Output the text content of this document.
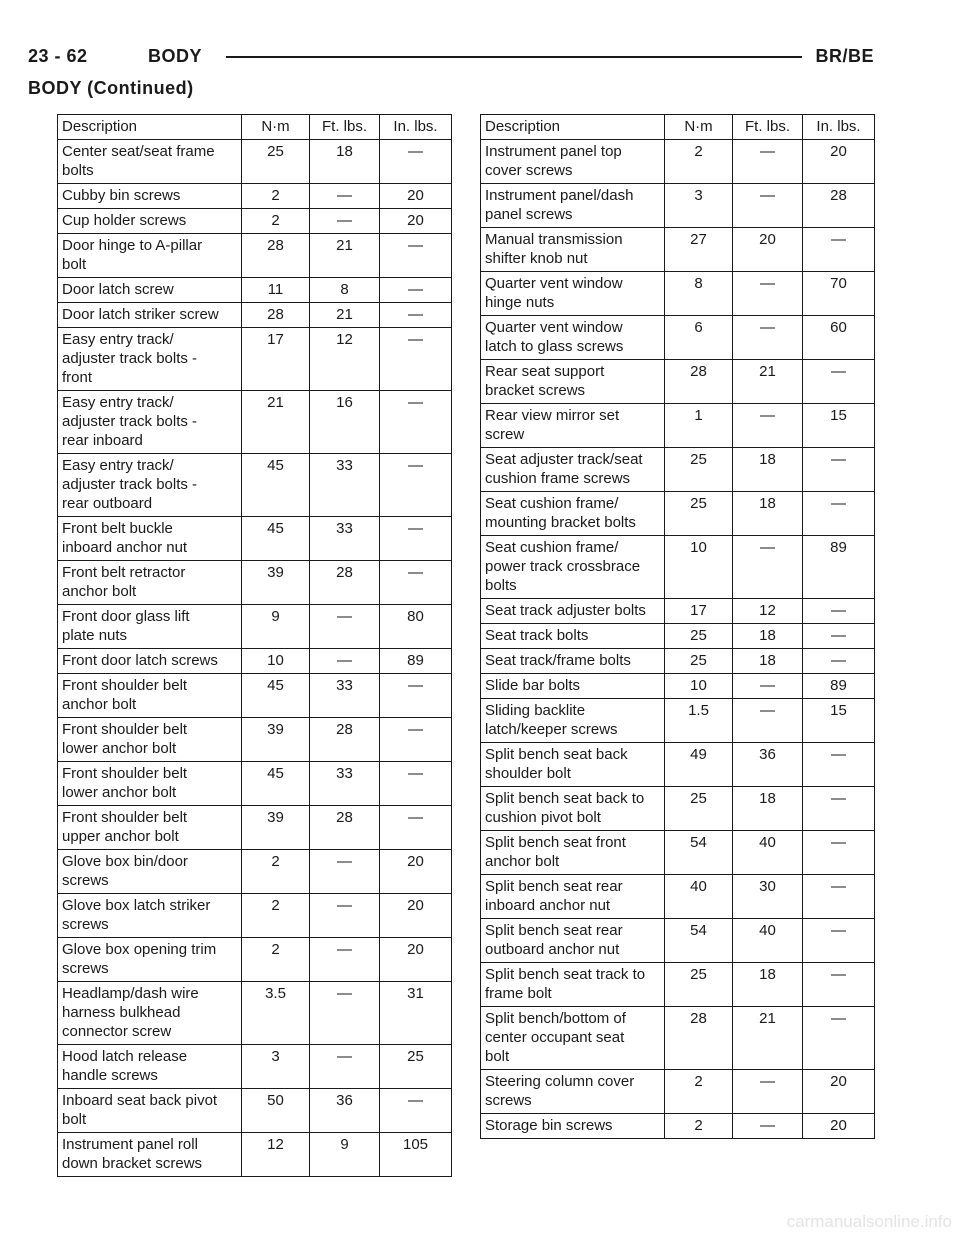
23 - 62	BODY	BR/BE
BODY (Continued)
Description	N·m	Ft. lbs.	In. lbs.
Center seat/seat frame
bolts	25	18	—
Cubby bin screws	2	—	20
Cup holder screws	2	—	20
Door hinge to A-pillar
bolt	28	21	—
Door latch screw	11	8	—
Door latch striker screw	28	21	—
Easy entry track/
adjuster track bolts -
front	17	12	—
Easy entry track/
adjuster track bolts -
rear inboard	21	16	—
Easy entry track/
adjuster track bolts -
rear outboard	45	33	—
Front belt buckle
inboard anchor nut	45	33	—
Front belt retractor
anchor bolt	39	28	—
Front door glass lift
plate nuts	9	—	80
Front door latch screws	10	—	89
Front shoulder belt
anchor bolt	45	33	—
Front shoulder belt
lower anchor bolt	39	28	—
Front shoulder belt
lower anchor bolt	45	33	—
Front shoulder belt
upper anchor bolt	39	28	—
Glove box bin/door
screws	2	—	20
Glove box latch striker
screws	2	—	20
Glove box opening trim
screws	2	—	20
Headlamp/dash wire
harness bulkhead
connector screw	3.5	—	31
Hood latch release
handle screws	3	—	25
Inboard seat back pivot
bolt	50	36	—
Instrument panel roll
down bracket screws	12	9	105
Description	N·m	Ft. lbs.	In. lbs.
Instrument panel top
cover screws	2	—	20
Instrument panel/dash
panel screws	3	—	28
Manual transmission
shifter knob nut	27	20	—
Quarter vent window
hinge nuts	8	—	70
Quarter vent window
latch to glass screws	6	—	60
Rear seat support
bracket screws	28	21	—
Rear view mirror set
screw	1	—	15
Seat adjuster track/seat
cushion frame screws	25	18	—
Seat cushion frame/
mounting bracket bolts	25	18	—
Seat cushion frame/
power track crossbrace
bolts	10	—	89
Seat track adjuster bolts	17	12	—
Seat track bolts	25	18	—
Seat track/frame bolts	25	18	—
Slide bar bolts	10	—	89
Sliding backlite
latch/keeper screws	1.5	—	15
Split bench seat back
shoulder bolt	49	36	—
Split bench seat back to
cushion pivot bolt	25	18	—
Split bench seat front
anchor bolt	54	40	—
Split bench seat rear
inboard anchor nut	40	30	—
Split bench seat rear
outboard anchor nut	54	40	—
Split bench seat track to
frame bolt	25	18	—
Split bench/bottom of
center occupant seat
bolt	28	21	—
Steering column cover
screws	2	—	20
Storage bin screws	2	—	20
carmanualsonline.info
